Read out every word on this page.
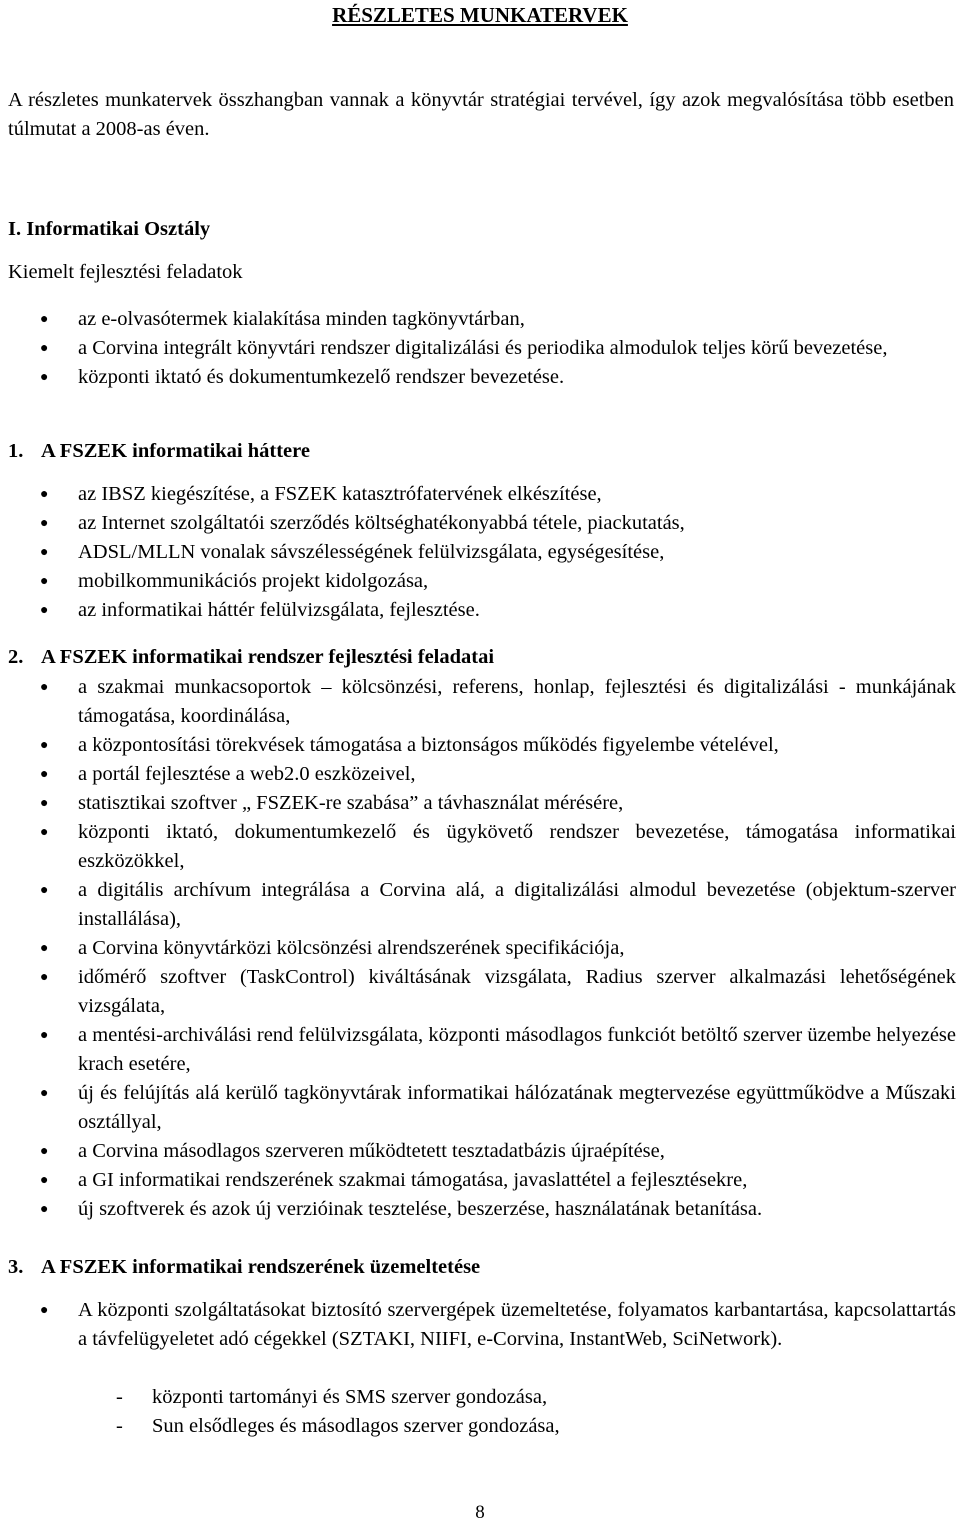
RÉSZLETES MUNKATERVEK
A részletes munkatervek összhangban vannak a könyvtár stratégiai tervével, így azok megvalósítása több esetben túlmutat a 2008-as éven.
I. Informatikai Osztály
Kiemelt fejlesztési feladatok
● az e-olvasótermek kialakítása minden tagkönyvtárban,
● a Corvina integrált könyvtári rendszer digitalizálási és periodika almodulok teljes körű bevezetése,
● központi iktató és dokumentumkezelő rendszer bevezetése.
1. A FSZEK informatikai háttere
● az IBSZ kiegészítése, a FSZEK katasztrófatervének elkészítése,
● az Internet szolgáltatói szerződés költséghatékonyabbá tétele, piackutatás,
● ADSL/MLLN vonalak sávszélességének felülvizsgálata, egységesítése,
● mobilkommunikációs projekt kidolgozása,
● az informatikai háttér felülvizsgálata, fejlesztése.
2. A FSZEK informatikai rendszer fejlesztési feladatai
● a szakmai munkacsoportok – kölcsönzési, referens, honlap, fejlesztési és digitalizálási - munkájának támogatása, koordinálása,
● a központosítási törekvések támogatása a biztonságos működés figyelembe vételével,
● a portál fejlesztése a web2.0 eszközeivel,
● statisztikai szoftver „ FSZEK-re szabása” a távhasználat mérésére,
● központi iktató, dokumentumkezelő és ügykövető rendszer bevezetése, támogatása informatikai eszközökkel,
● a digitális archívum integrálása a Corvina alá, a digitalizálási almodul bevezetése (objektum-szerver installálása),
● a Corvina könyvtárközi kölcsönzési alrendszerének specifikációja,
● időmérő szoftver (TaskControl) kiváltásának vizsgálata, Radius szerver alkalmazási lehetőségének vizsgálata,
● a mentési-archiválási rend felülvizsgálata, központi másodlagos funkciót betöltő szerver üzembe helyezése krach esetére,
● új és felújítás alá kerülő tagkönyvtárak informatikai hálózatának megtervezése együttműködve a Műszaki osztállyal,
● a Corvina másodlagos szerveren működtetett tesztadatbázis újraépítése,
● a GI informatikai rendszerének szakmai támogatása, javaslattétel a fejlesztésekre,
● új szoftverek és azok új verzióinak tesztelése, beszerzése, használatának betanítása.
3. A FSZEK informatikai rendszerének üzemeltetése
● A központi szolgáltatásokat biztosító szervergépek üzemeltetése, folyamatos karbantartása, kapcsolattartás a távfelügyeletet adó cégekkel (SZTAKI, NIIFI, e-Corvina, InstantWeb, SciNetwork).
- központi tartományi és SMS szerver gondozása,
- Sun elsődleges és másodlagos szerver gondozása,
8
